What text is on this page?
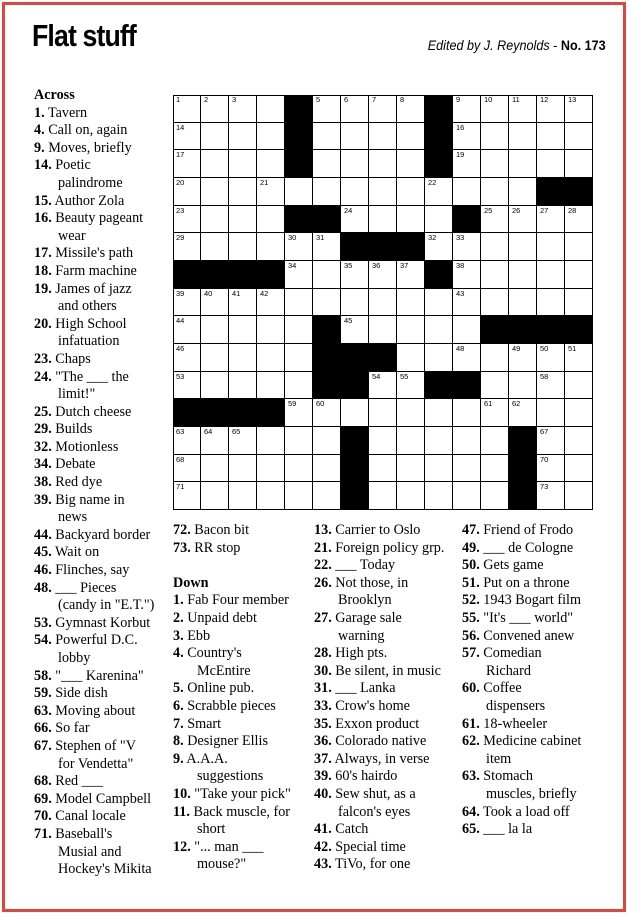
Flat stuff	Edited by J. Reynolds - No. 173
1	2	3	5	6	7	8	9	10	11	12	13
14	16
17	19
20	21	22
23	24	25	26	27	28
29	30	31	32	33
34	35	36	37	38
39	40	41	42	43
44	45
46	48	49	50	51
53	54	55	58
59	60	61	62
63	64	65	67
68	70
71	73
Across
1. Tavern
4. Call on, again
9. Moves, briefly
14. Poetic
palindrome
15. Author Zola
16. Beauty pageant
wear
17. Missile's path
18. Farm machine
19. James of jazz
and others
20. High School
infatuation
23. Chaps
24. "The ___ the
limit!"
25. Dutch cheese
29. Builds
32. Motionless
34. Debate
38. Red dye
39. Big name in
news
44. Backyard border
45. Wait on
46. Flinches, say
48. ___ Pieces
(candy in "E.T.")
53. Gymnast Korbut
54. Powerful D.C.
lobby
58. "___ Karenina"
59. Side dish
63. Moving about
66. So far
67. Stephen of "V
for Vendetta"
68. Red ___
69. Model Campbell
70. Canal locale
71. Baseball's
Musial and
Hockey's Mikita
72. Bacon bit
73. RR stop
Down
1. Fab Four member
2. Unpaid debt
3. Ebb
4. Country's
McEntire
5. Online pub.
6. Scrabble pieces
7. Smart
8. Designer Ellis
9. A.A.A.
suggestions
10. "Take your pick"
11. Back muscle, for
short
12. "... man ___
mouse?"
13. Carrier to Oslo
21. Foreign policy grp.
22. ___ Today
26. Not those, in
Brooklyn
27. Garage sale
warning
28. High pts.
30. Be silent, in music
31. ___ Lanka
33. Crow's home
35. Exxon product
36. Colorado native
37. Always, in verse
39. 60's hairdo
40. Sew shut, as a
falcon's eyes
41. Catch
42. Special time
43. TiVo, for one
47. Friend of Frodo
49. ___ de Cologne
50. Gets game
51. Put on a throne
52. 1943 Bogart film
55. "It's ___ world"
56. Convened anew
57. Comedian
Richard
60. Coffee
dispensers
61. 18-wheeler
62. Medicine cabinet
item
63. Stomach
muscles, briefly
64. Took a load off
65. ___ la la
